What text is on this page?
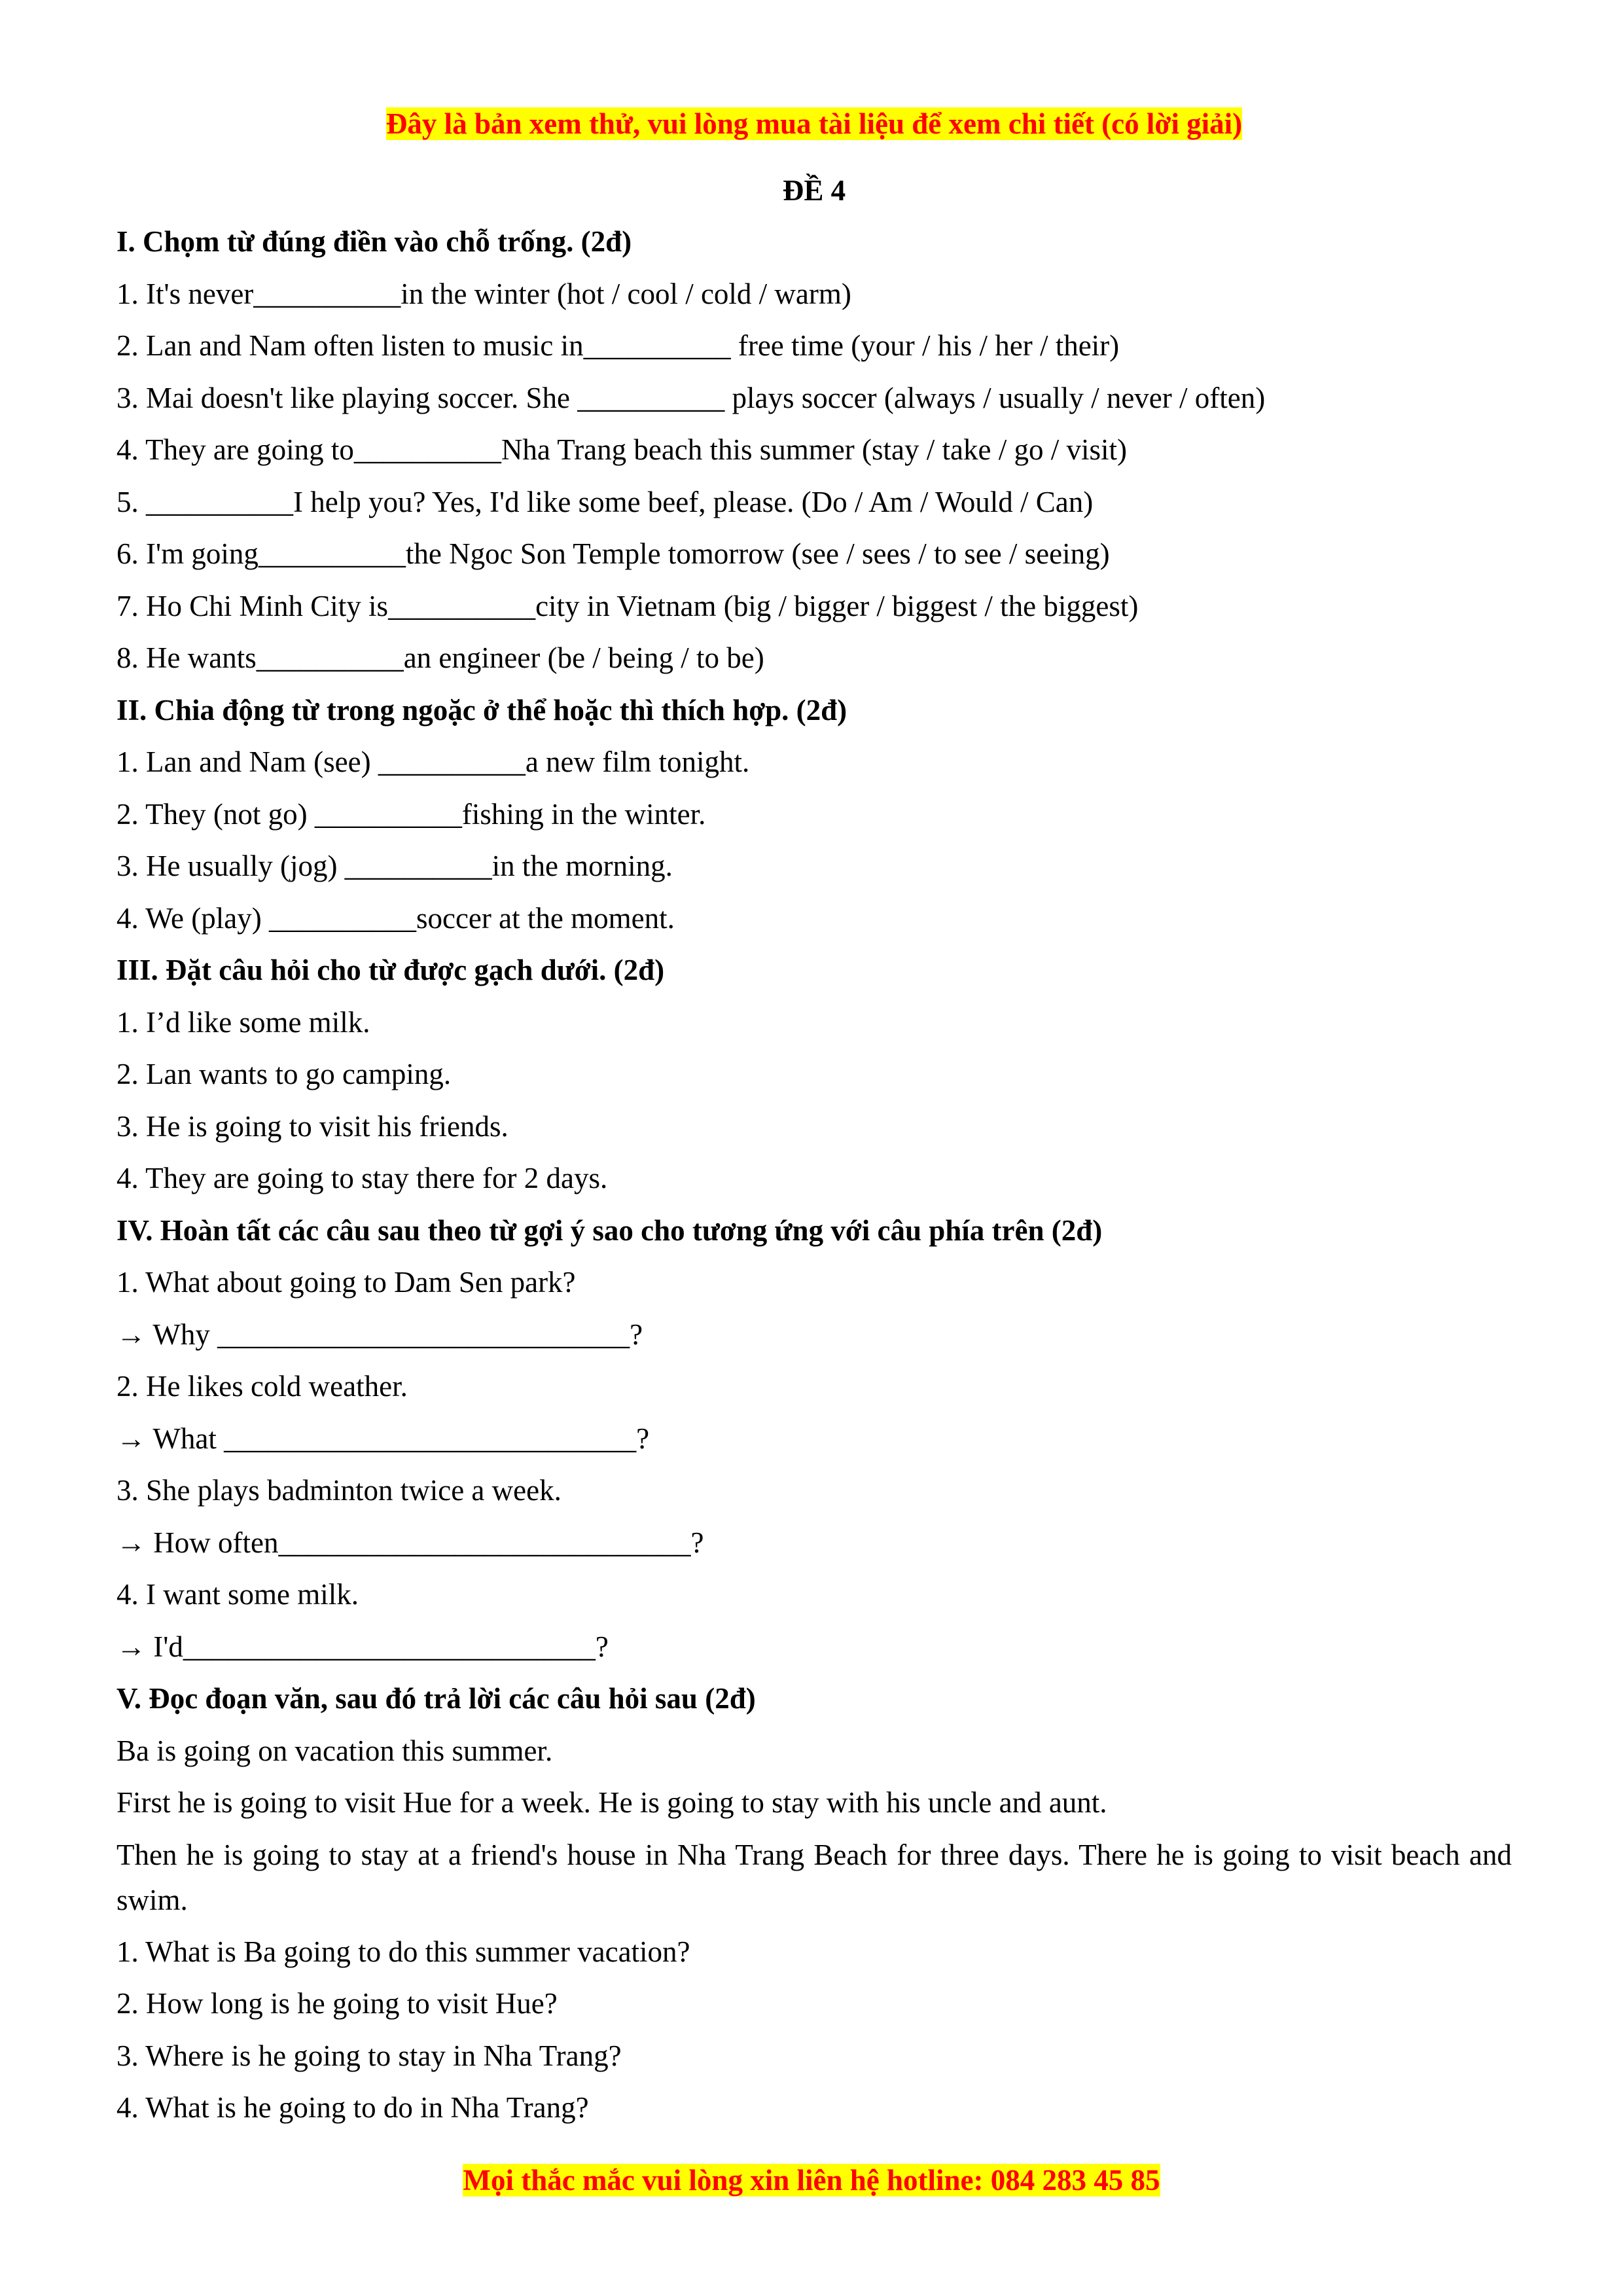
Đây là bản xem thử, vui lòng mua tài liệu để xem chi tiết (có lời giải)
ĐỀ 4
I. Chọm từ đúng điền vào chỗ trống. (2đ)
1. It's never__________in the winter (hot / cool / cold / warm)
2. Lan and Nam often listen to music in__________ free time (your / his / her / their)
3. Mai doesn't like playing soccer. She __________ plays soccer (always / usually / never / often)
4. They are going to__________Nha Trang beach this summer (stay / take / go / visit)
5. __________I help you? Yes, I'd like some beef, please. (Do / Am / Would / Can)
6. I'm going__________the Ngoc Son Temple tomorrow (see / sees / to see / seeing)
7. Ho Chi Minh City is__________city in Vietnam (big / bigger / biggest / the biggest)
8. He wants__________an engineer (be / being / to be)
II. Chia động từ trong ngoặc ở thể hoặc thì thích hợp. (2đ)
1. Lan and Nam (see) __________a new film tonight.
2. They (not go) __________fishing in the winter.
3. He usually (jog) __________in the morning.
4. We (play) __________soccer at the moment.
III. Đặt câu hỏi cho từ được gạch dưới. (2đ)
1. I’d like some milk.
2. Lan wants to go camping.
3. He is going to visit his friends.
4. They are going to stay there for 2 days.
IV. Hoàn tất các câu sau theo từ gợi ý sao cho tương ứng với câu phía trên (2đ)
1. What about going to Dam Sen park?
→ Why ____________________________?
2. He likes cold weather.
→ What ____________________________?
3. She plays badminton twice a week.
→ How often____________________________?
4. I want some milk.
→ I'd____________________________?
V. Đọc đoạn văn, sau đó trả lời các câu hỏi sau (2đ)
Ba is going on vacation this summer.
First he is going to visit Hue for a week. He is going to stay with his uncle and aunt.
Then he is going to stay at a friend's house in Nha Trang Beach for three days. There he is going to visit beach and swim.
1. What is Ba going to do this summer vacation?
2. How long is he going to visit Hue?
3. Where is he going to stay in Nha Trang?
4. What is he going to do in Nha Trang?
Mọi thắc mắc vui lòng xin liên hệ hotline: 084 283 45 85
